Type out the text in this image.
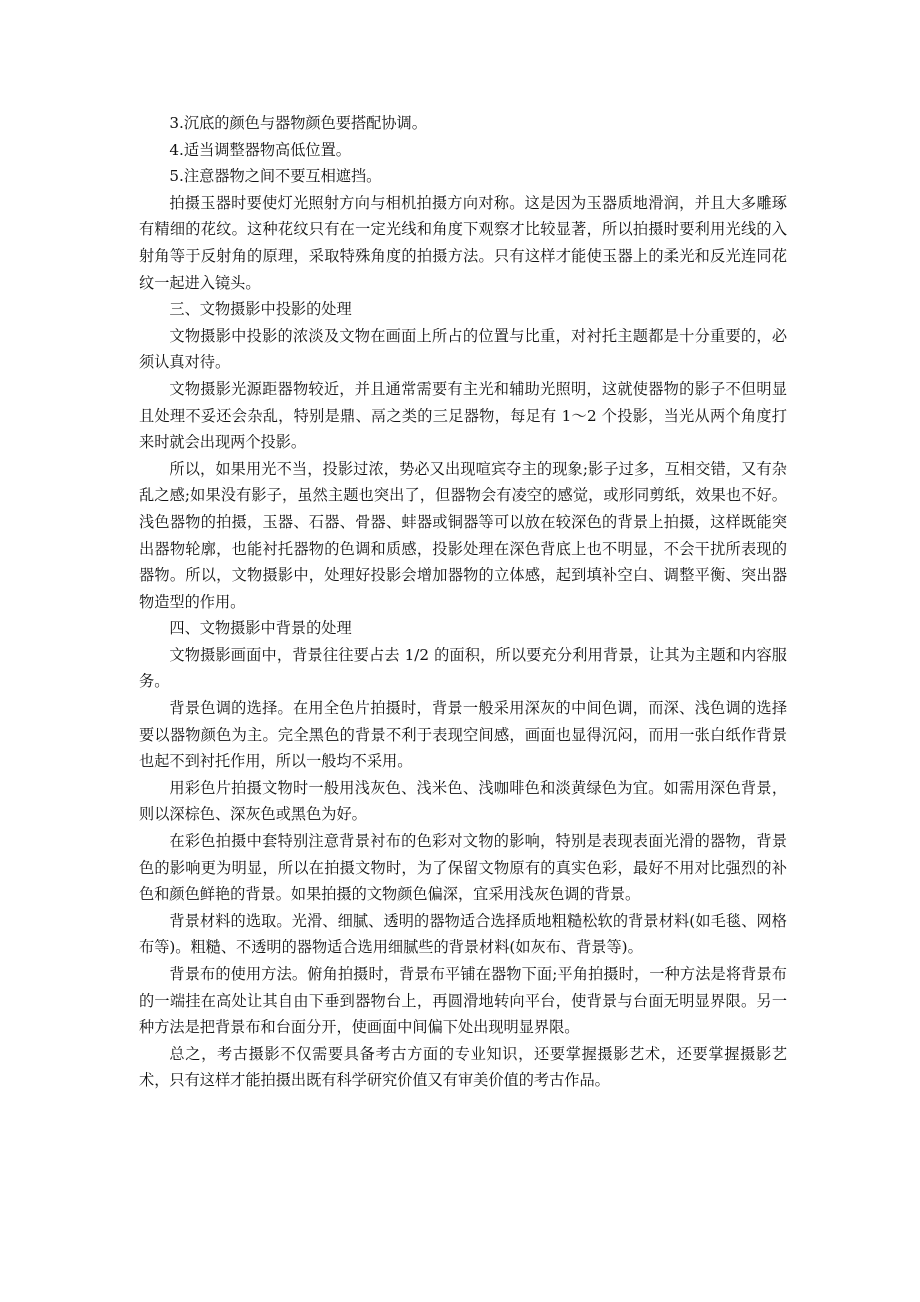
3.沉底的颜色与器物颜色要搭配协调。

4.适当调整器物高低位置。

5.注意器物之间不要互相遮挡。

拍摄玉器时要使灯光照射方向与相机拍摄方向对称。这是因为玉器质地滑润，并且大多雕琢有精细的花纹。这种花纹只有在一定光线和角度下观察才比较显著，所以拍摄时要利用光线的入射角等于反射角的原理，采取特殊角度的拍摄方法。只有这样才能使玉器上的柔光和反光连同花纹一起进入镜头。

三、文物摄影中投影的处理

文物摄影中投影的浓淡及文物在画面上所占的位置与比重，对衬托主题都是十分重要的，必须认真对待。

文物摄影光源距器物较近，并且通常需要有主光和辅助光照明，这就使器物的影子不但明显且处理不妥还会杂乱，特别是鼎、鬲之类的三足器物，每足有 1～2 个投影，当光从两个角度打来时就会出现两个投影。

所以，如果用光不当，投影过浓，势必又出现喧宾夺主的现象;影子过多，互相交错，又有杂乱之感;如果没有影子，虽然主题也突出了，但器物会有凌空的感觉，或形同剪纸，效果也不好。浅色器物的拍摄，玉器、石器、骨器、蚌器或铜器等可以放在较深色的背景上拍摄，这样既能突出器物轮廓，也能衬托器物的色调和质感，投影处理在深色背底上也不明显，不会干扰所表现的器物。所以，文物摄影中，处理好投影会增加器物的立体感，起到填补空白、调整平衡、突出器物造型的作用。

四、文物摄影中背景的处理

文物摄影画面中，背景往往要占去 1/2 的面积，所以要充分利用背景，让其为主题和内容服务。

背景色调的选择。在用全色片拍摄时，背景一般采用深灰的中间色调，而深、浅色调的选择要以器物颜色为主。完全黑色的背景不利于表现空间感，画面也显得沉闷，而用一张白纸作背景也起不到衬托作用，所以一般均不采用。

用彩色片拍摄文物时一般用浅灰色、浅米色、浅咖啡色和淡黄绿色为宜。如需用深色背景，则以深棕色、深灰色或黑色为好。

在彩色拍摄中套特别注意背景衬布的色彩对文物的影响，特别是表现表面光滑的器物，背景色的影响更为明显，所以在拍摄文物时，为了保留文物原有的真实色彩，最好不用对比强烈的补色和颜色鲜艳的背景。如果拍摄的文物颜色偏深，宜采用浅灰色调的背景。

背景材料的选取。光滑、细腻、透明的器物适合选择质地粗糙松软的背景材料(如毛毯、网格布等)。粗糙、不透明的器物适合选用细腻些的背景材料(如灰布、背景等)。

背景布的使用方法。俯角拍摄时，背景布平铺在器物下面;平角拍摄时，一种方法是将背景布的一端挂在高处让其自由下垂到器物台上，再圆滑地转向平台，使背景与台面无明显界限。另一种方法是把背景布和台面分开，使画面中间偏下处出现明显界限。

总之，考古摄影不仅需要具备考古方面的专业知识，还要掌握摄影艺术，还要掌握摄影艺术，只有这样才能拍摄出既有科学研究价值又有审美价值的考古作品。
